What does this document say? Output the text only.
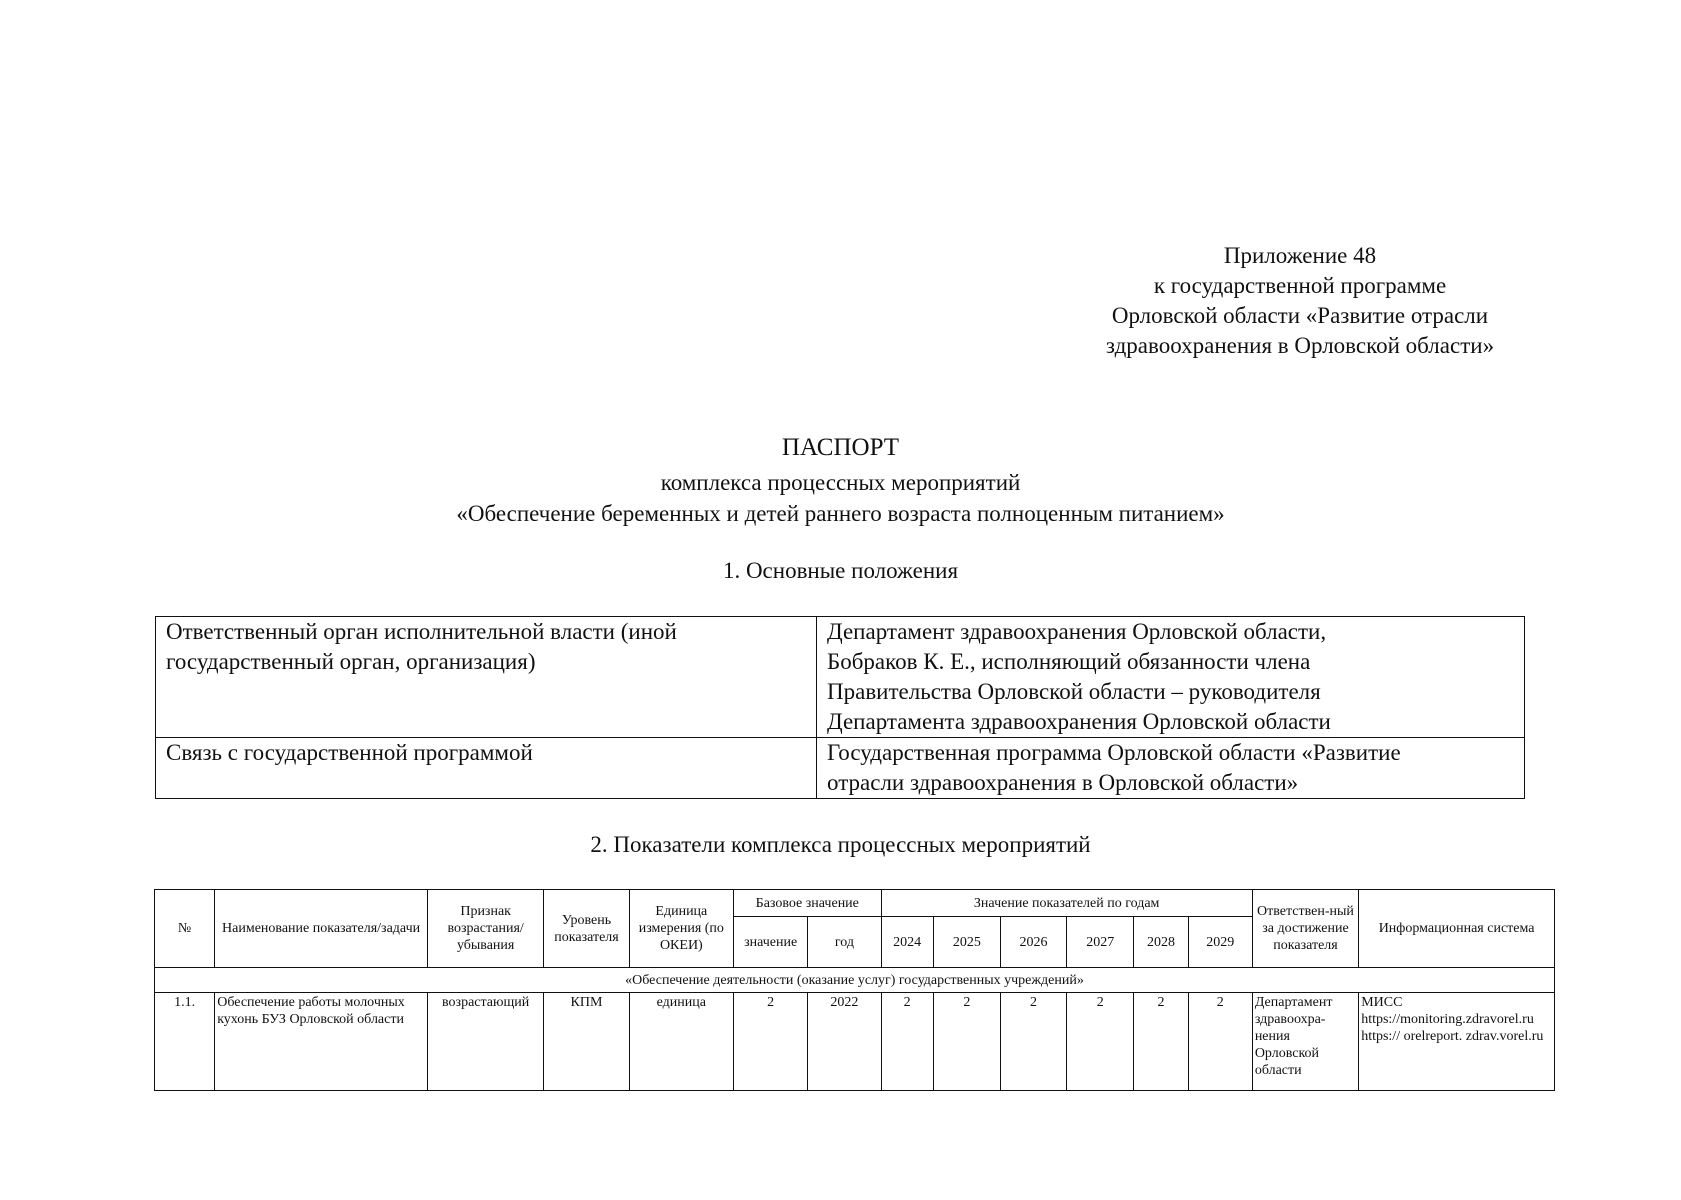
Приложение 48
к государственной программе
Орловской области «Развитие отрасли
здравоохранения в Орловской области»
ПАСПОРТ
комплекса процессных мероприятий
«Обеспечение беременных и детей раннего возраста полноценным питанием»
1. Основные положения
Ответственный орган исполнительной власти (иной
государственный орган, организация)	Департамент здравоохранения Орловской области,
Бобраков К. Е., исполняющий обязанности члена
Правительства Орловской области – руководителя
Департамента здравоохранения Орловской области

Связь с государственной программой	Государственная программа Орловской области «Развитие
отрасли здравоохранения в Орловской области»
2. Показатели комплекса процессных мероприятий
№	Наименование показателя/задачи	Признак возрастания/ убывания	Уровень показателя	Единица измерения (по ОКЕИ)	Базовое значение		Значение показателей по годам						Ответствен-ный за достижение показателя	Информационная система
					значение	год	2024	2025	2026	2027	2028	2029		
«Обеспечение деятельности (оказание услуг) государственных учреждений»														
1.1.	Обеспечение работы молочных кухонь БУЗ Орловской области	возрастающий	КПМ	единица	2	2022	2	2	2	2	2	2	Департамент здравоохра-нения Орловской области	МИСС
https://monitoring.zdravorel.ru
https:// orelreport. zdrav.vorel.ru
